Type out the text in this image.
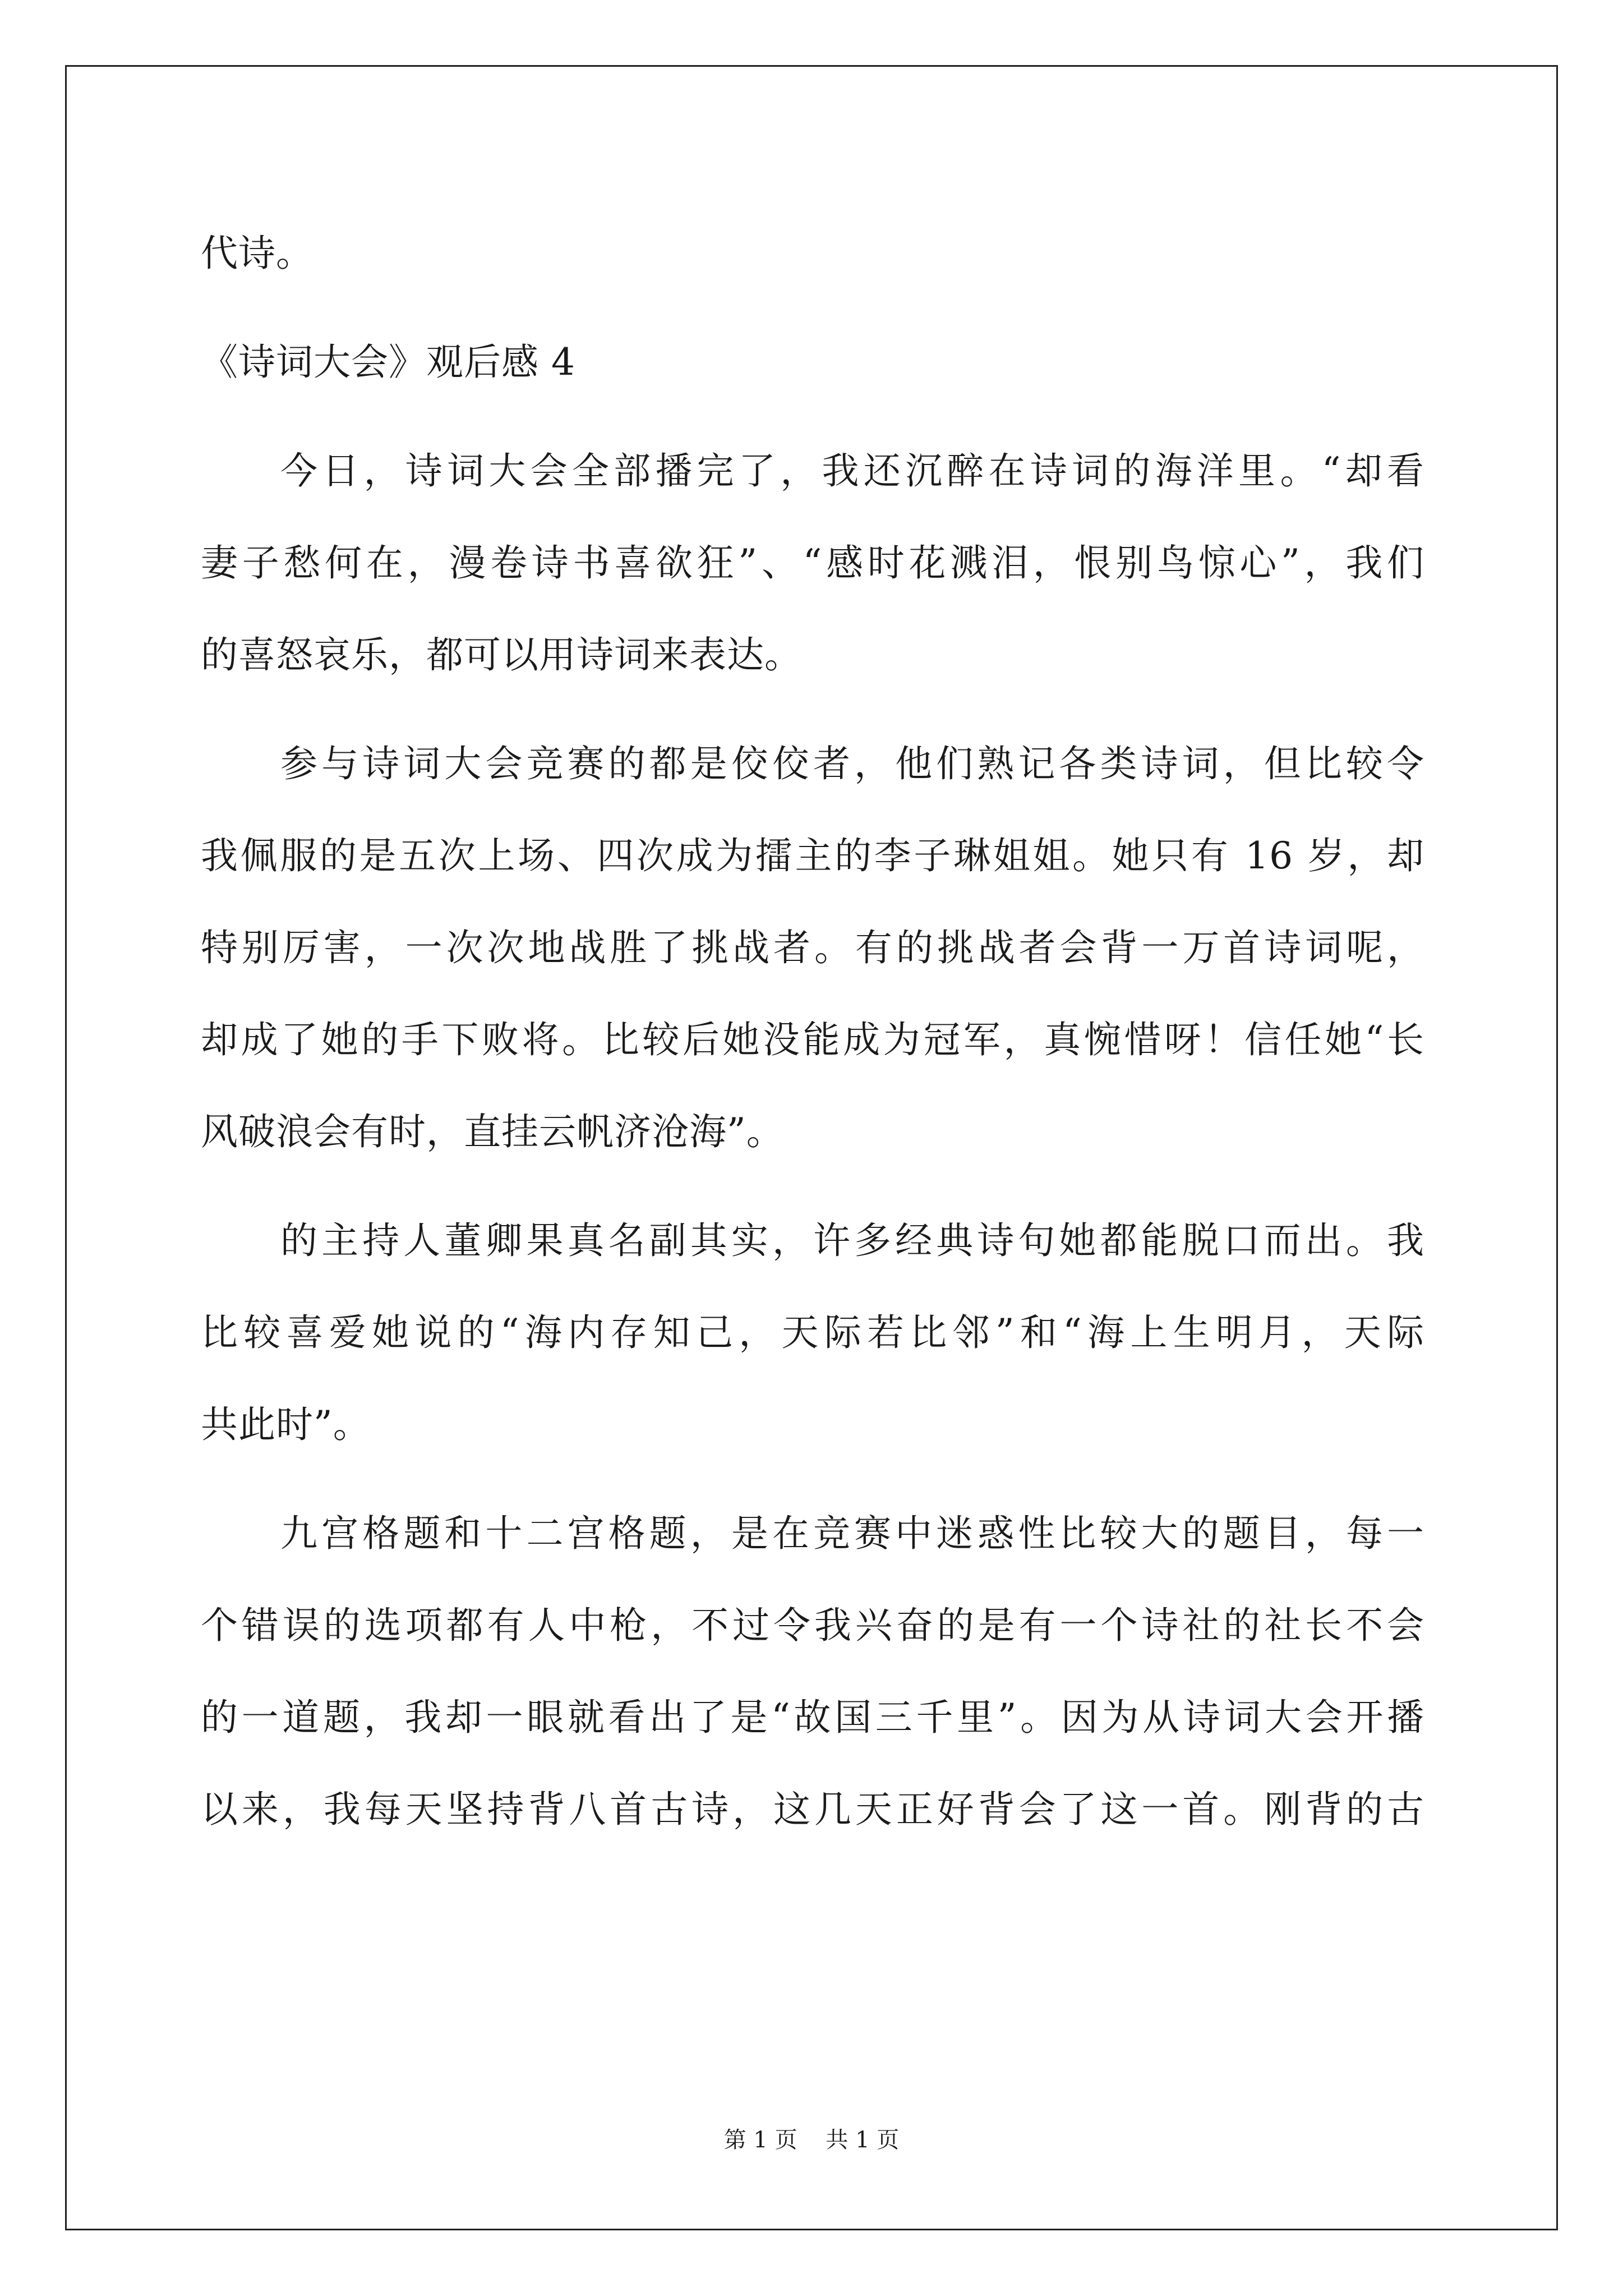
代诗。
《诗词大会》观后感 4
今日，诗词大会全部播完了，我还沉醉在诗词的海洋里。“却看
妻子愁何在，漫卷诗书喜欲狂”、“感时花溅泪，恨别鸟惊心”，我们
的喜怒哀乐，都可以用诗词来表达。
参与诗词大会竞赛的都是佼佼者，他们熟记各类诗词，但比较令
我佩服的是五次上场、四次成为擂主的李子琳姐姐。她只有 16 岁，却
特别厉害，一次次地战胜了挑战者。有的挑战者会背一万首诗词呢，
却成了她的手下败将。比较后她没能成为冠军，真惋惜呀！信任她“长
风破浪会有时，直挂云帆济沧海”。
的主持人董卿果真名副其实，许多经典诗句她都能脱口而出。我
比较喜爱她说的“海内存知己，天际若比邻”和“海上生明月，天际
共此时”。
九宫格题和十二宫格题，是在竞赛中迷惑性比较大的题目，每一
个错误的选项都有人中枪，不过令我兴奋的是有一个诗社的社长不会
的一道题，我却一眼就看出了是“故国三千里”。因为从诗词大会开播
以来，我每天坚持背八首古诗，这几天正好背会了这一首。刚背的古
第 1 页    共 1 页
